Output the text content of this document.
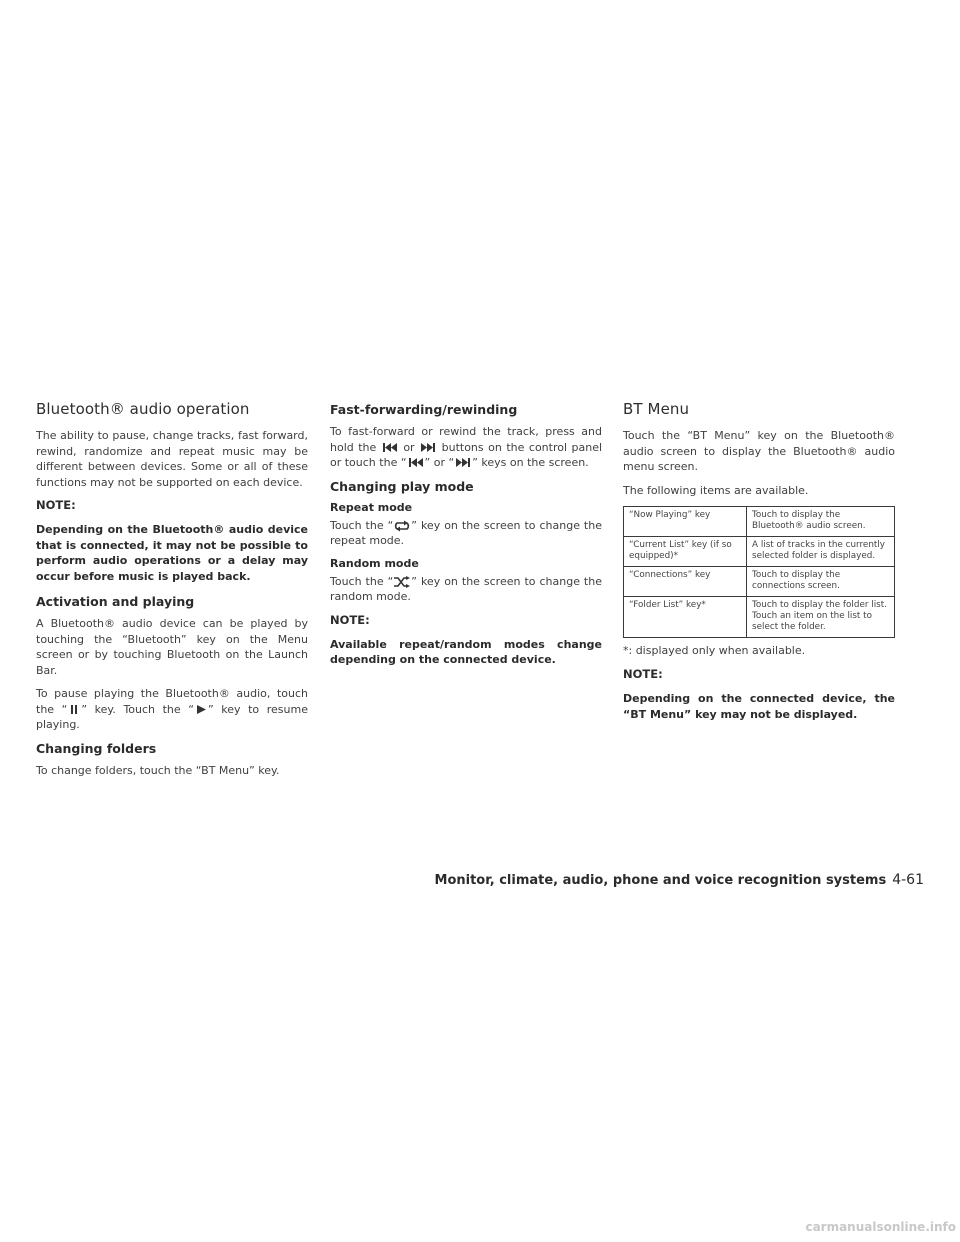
Bluetooth® audio operation

The ability to pause, change tracks, fast forward, rewind, randomize and repeat music may be different between devices. Some or all of these functions may not be supported on each device.

NOTE:

Depending on the Bluetooth® audio device that is connected, it may not be possible to perform audio operations or a delay may occur before music is played back.

Activation and playing

A Bluetooth® audio device can be played by touching the “Bluetooth” key on the Menu screen or by touching Bluetooth on the Launch Bar.

To pause playing the Bluetooth® audio, touch the “ ” key. Touch the “ ” key to resume playing.

Changing folders

To change folders, touch the “BT Menu” key.

Fast-forwarding/rewinding

To fast-forward or rewind the track, press and hold the or buttons on the control panel or touch the “ ” or “ ” keys on the screen.

Changing play mode
Repeat mode

Touch the “ ” key on the screen to change the repeat mode.

Random mode

Touch the “ ” key on the screen to change the random mode.

NOTE:

Available repeat/random modes change depending on the connected device.

BT Menu

Touch the “BT Menu” key on the Bluetooth® audio screen to display the Bluetooth® audio menu screen.

The following items are available.

“Now Playing” key	Touch to display the Bluetooth® audio screen.
“Current List” key (if so equipped)*	A list of tracks in the currently selected folder is displayed.
“Connections” key	Touch to display the connections screen.
“Folder List” key*	Touch to display the folder list. Touch an item on the list to select the folder.

*: displayed only when available.

NOTE:

Depending on the connected device, the “BT Menu” key may not be displayed.

Monitor, climate, audio, phone and voice recognition systems 4-61
carmanualsonline.info
